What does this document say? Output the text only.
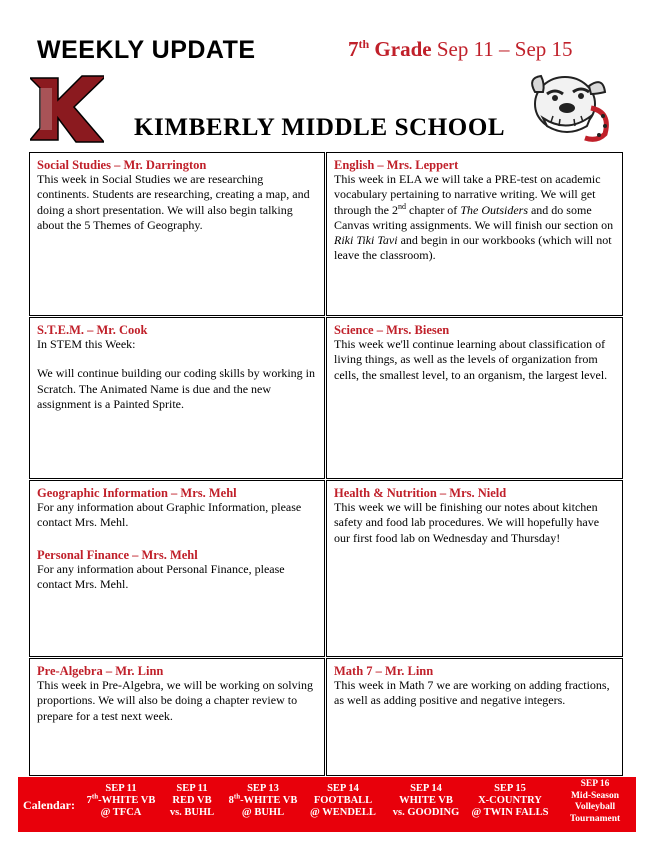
WEEKLY UPDATE	7th Grade Sep 11 – Sep 15
KIMBERLY MIDDLE SCHOOL
Social Studies – Mr. Darrington
This week in Social Studies we are researching continents. Students are researching, creating a map, and doing a short presentation. We will also begin talking about the 5 Themes of Geography.
English – Mrs. Leppert
This week in ELA we will take a PRE-test on academic vocabulary pertaining to narrative writing. We will get through the 2nd chapter of The Outsiders and do some Canvas writing assignments. We will finish our section on Riki Tiki Tavi and begin in our workbooks (which will not leave the classroom).
S.T.E.M. – Mr. Cook
In STEM this Week:
We will continue building our coding skills by working in Scratch. The Animated Name is due and the new assignment is a Painted Sprite.
Science – Mrs. Biesen
This week we'll continue learning about classification of living things, as well as the levels of organization from cells, the smallest level, to an organism, the largest level.
Geographic Information – Mrs. Mehl
For any information about Graphic Information, please contact Mrs. Mehl.
Personal Finance – Mrs. Mehl
For any information about Personal Finance, please contact Mrs. Mehl.
Health & Nutrition – Mrs. Nield
This week we will be finishing our notes about kitchen safety and food lab procedures. We will hopefully have our first food lab on Wednesday and Thursday!
Pre-Algebra – Mr. Linn
This week in Pre-Algebra, we will be working on solving proportions. We will also be doing a chapter review to prepare for a test next week.
Math 7 – Mr. Linn
This week in Math 7 we are working on adding fractions, as well as adding positive and negative integers.
Calendar:
SEP 11
7th-WHITE VB
@ TFCA
SEP 11
RED VB
vs. BUHL
SEP 13
8th-WHITE VB
@ BUHL
SEP 14
FOOTBALL
@ WENDELL
SEP 14
WHITE VB
vs. GOODING
SEP 15
X-COUNTRY
@ TWIN FALLS
SEP 16
Mid-Season
Volleyball
Tournament
